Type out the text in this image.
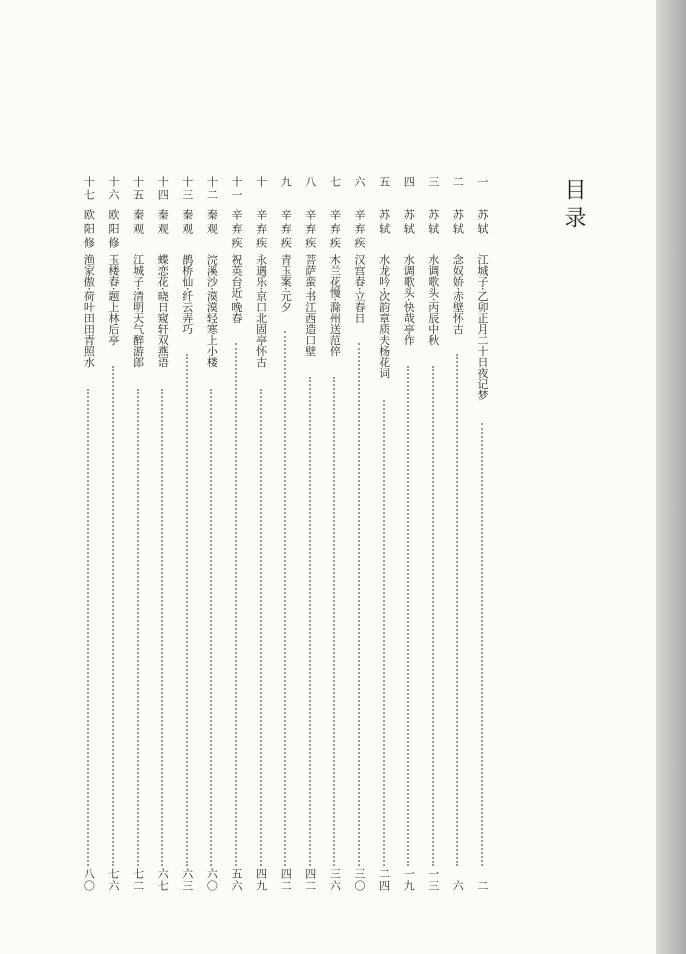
目录
一
苏轼
江城子·乙卯正月二十日夜记梦
二
二
苏轼
念奴娇·赤壁怀古
六
三
苏轼
水调歌头·丙辰中秋
一三
四
苏轼
水调歌头·快哉亭作
一九
五
苏轼
水龙吟·次韵章质夫杨花词
二四
六
辛弃疾
汉宫春·立春日
三〇
七
辛弃疾
木兰花慢·滁州送范倅
三六
八
辛弃疾
菩萨蛮·书江西造口壁
四二
九
辛弃疾
青玉案·元夕
四二
十
辛弃疾
永遇乐·京口北固亭怀古
四九
十一
辛弃疾
祝英台近·晚春
五六
十二
秦观
浣溪沙·漠漠轻寒上小楼
六〇
十三
秦观
鹊桥仙·纤云弄巧
六三
十四
秦观
蝶恋花·晓日窥轩双燕语
六七
十五
秦观
江城子·清明天气醉游郎
七二
十六
欧阳修
玉楼春·题上林后亭
七六
十七
欧阳修
渔家傲·荷叶田田青照水
八〇
